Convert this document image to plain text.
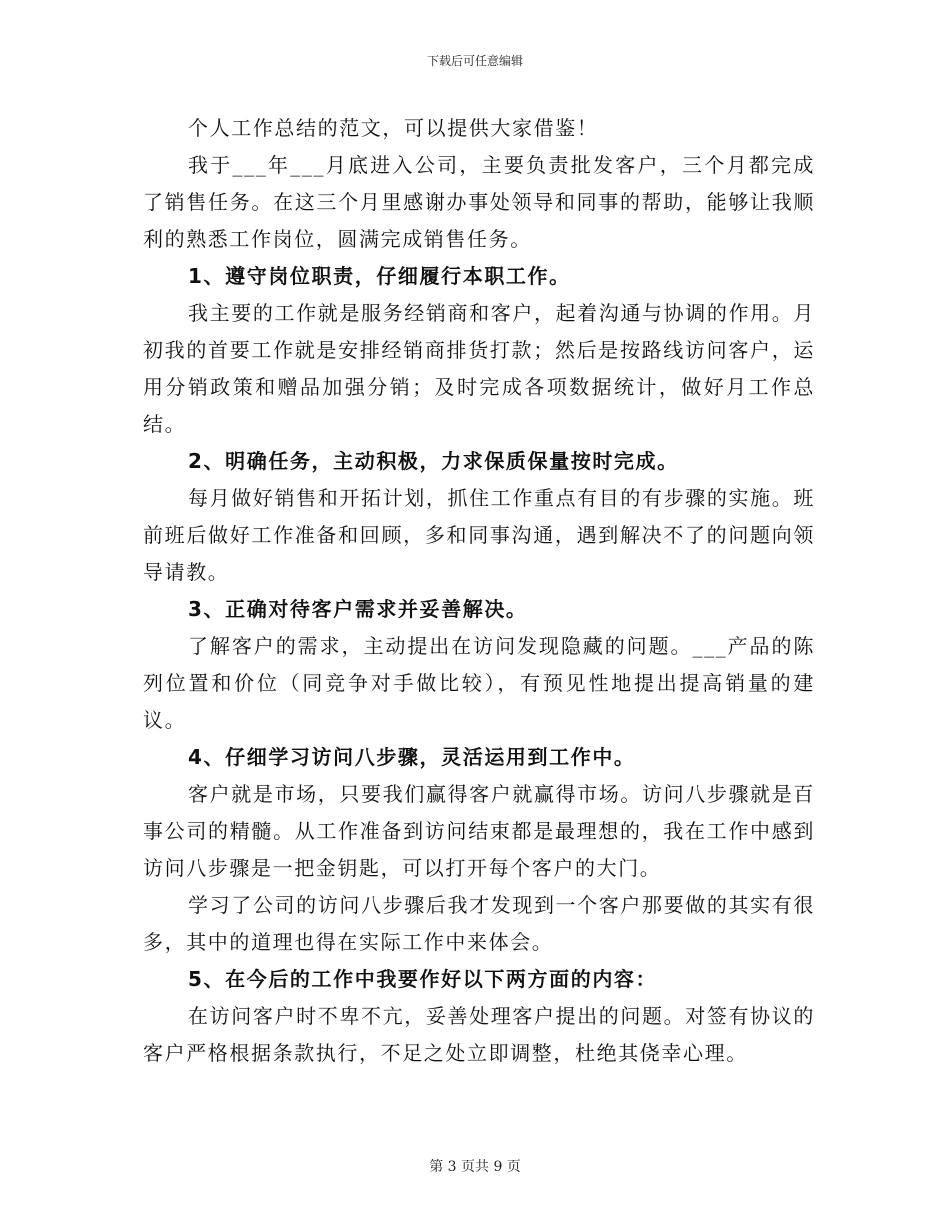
下载后可任意编辑

个人工作总结的范文，可以提供大家借鉴！

我于___年___月底进入公司，主要负责批发客户，三个月都完成了销售任务。在这三个月里感谢办事处领导和同事的帮助，能够让我顺利的熟悉工作岗位，圆满完成销售任务。

1、遵守岗位职责，仔细履行本职工作。

我主要的工作就是服务经销商和客户，起着沟通与协调的作用。月初我的首要工作就是安排经销商排货打款；然后是按路线访问客户，运用分销政策和赠品加强分销；及时完成各项数据统计，做好月工作总结。

2、明确任务，主动积极，力求保质保量按时完成。

每月做好销售和开拓计划，抓住工作重点有目的有步骤的实施。班前班后做好工作准备和回顾，多和同事沟通，遇到解决不了的问题向领导请教。

3、正确对待客户需求并妥善解决。

了解客户的需求，主动提出在访问发现隐藏的问题。___产品的陈列位置和价位（同竞争对手做比较），有预见性地提出提高销量的建议。

4、仔细学习访问八步骤，灵活运用到工作中。

客户就是市场，只要我们赢得客户就赢得市场。访问八步骤就是百事公司的精髓。从工作准备到访问结束都是最理想的，我在工作中感到访问八步骤是一把金钥匙，可以打开每个客户的大门。

学习了公司的访问八步骤后我才发现到一个客户那要做的其实有很多，其中的道理也得在实际工作中来体会。

5、在今后的工作中我要作好以下两方面的内容：

在访问客户时不卑不亢，妥善处理客户提出的问题。对签有协议的客户严格根据条款执行，不足之处立即调整，杜绝其侥幸心理。

第 3 页共 9 页
